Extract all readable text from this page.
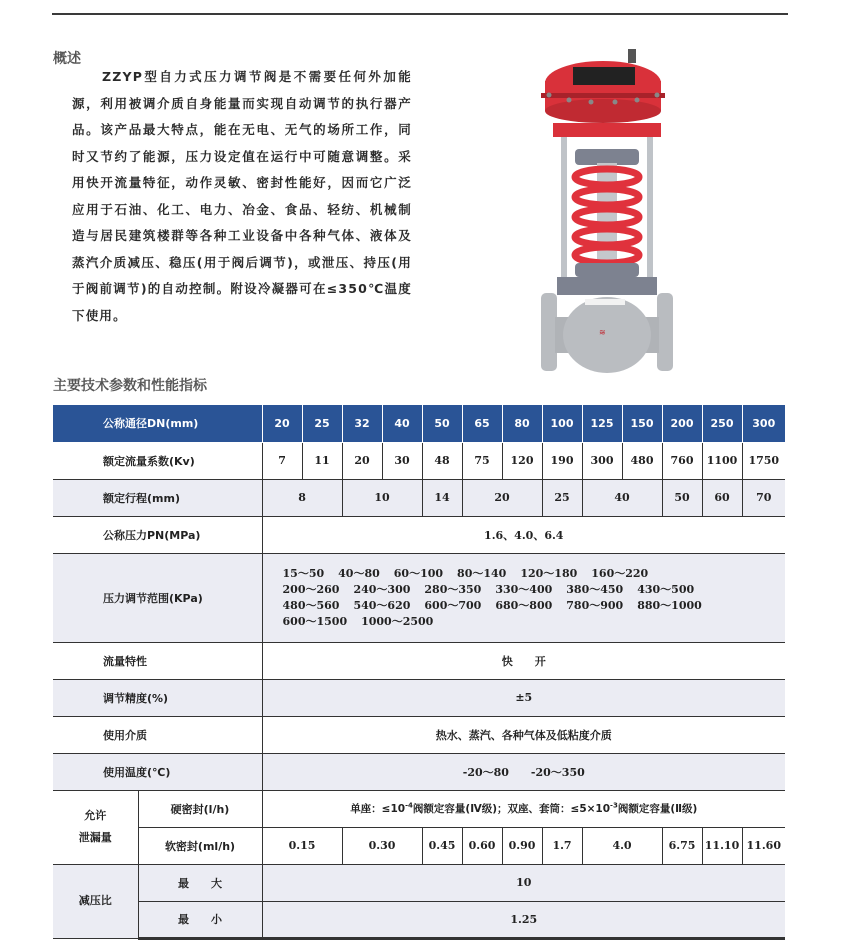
概述

ZZYP型自力式压力调节阀是不需要任何外加能源，利用被调介质自身能量而实现自动调节的执行器产品。该产品最大特点，能在无电、无气的场所工作，同时又节约了能源，压力设定值在运行中可随意调整。采用快开流量特征，动作灵敏、密封性能好，因而它广泛应用于石油、化工、电力、冶金、食品、轻纺、机械制造与居民建筑楼群等各种工业设备中各种气体、液体及蒸汽介质减压、稳压(用于阀后调节)，或泄压、持压(用于阀前调节)的自动控制。附设冷凝器可在≤350℃温度下使用。

≋
主要技术参数和性能指标
公称通径DN(mm)		20	25	32	40	50	65	80	100	125	150	200	250	300
额定流量系数(Kv)		7	11	20	30	48	75	120	190	300	480	760	1100	1750
额定行程(mm)		8		10		14	20		25	40		50	60	70
公称压力PN(MPa)		1.6、4.0、6.4												
压力调节范围(KPa)		15～50 40～80 60～100 80～140 120～180 160～220
200～260 240～300 280～350 330～400 380～450 430～500
480～560 540～620 600～700 680～800 780～900 880～1000
600～1500 1000～2500												

流量特性		快　　开												
调节精度(%)		±5												
使用介质		热水、蒸汽、各种气体及低粘度介质												
使用温度(℃)		-20～80　　-20～350												

允许
泄漏量	硬密封(l/h)	单座：$\le 10^{-4}$阀额定容量(Ⅳ级)；双座、套筒：$\le 5\times 10^{-3}$阀额定容量(Ⅱ级)												
	软密封(ml/h)	0.15		0.30		0.45	0.60	0.90	1.7	4.0		6.75	11.10	11.60
减压比	最　　大	10												
	最　　小	1.25												
